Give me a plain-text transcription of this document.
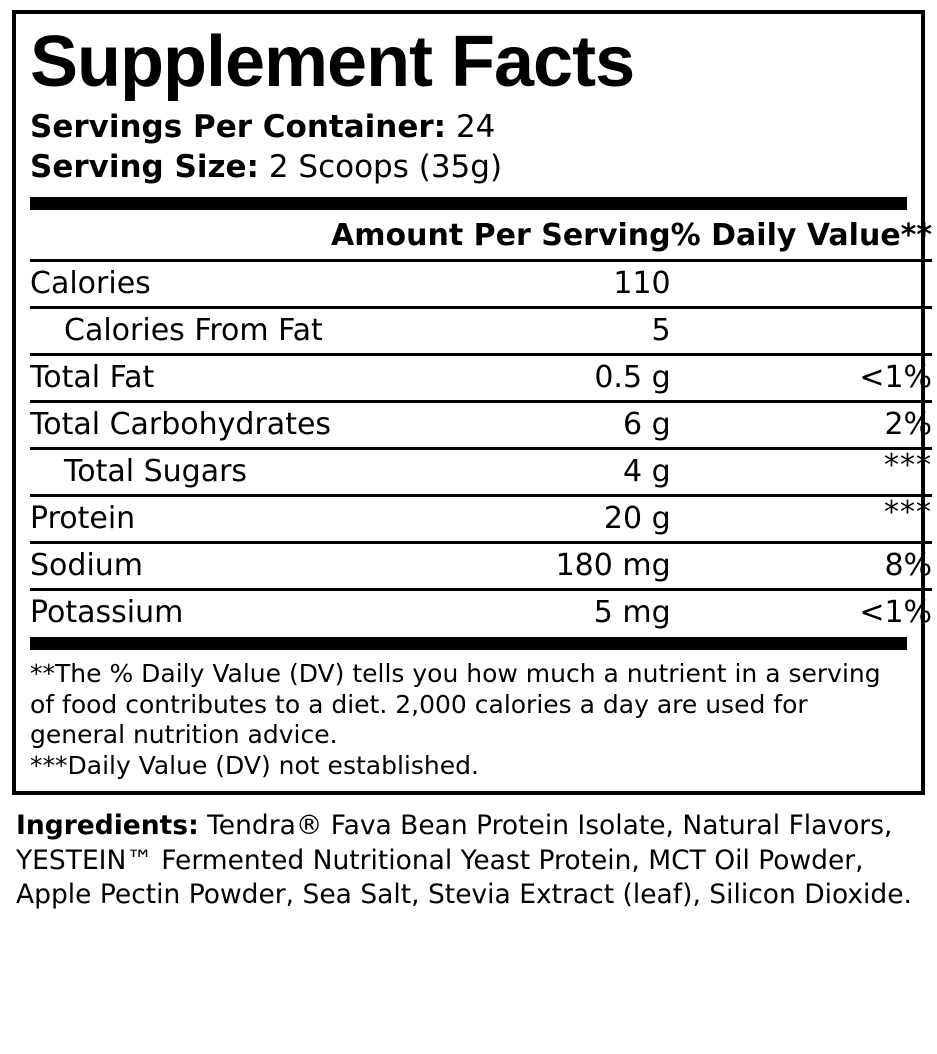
Supplement Facts
Servings Per Container: 24
Serving Size: 2 Scoops (35g)
	Amount Per Serving	% Daily Value**
Calories	110	
Calories From Fat	5	
Total Fat	0.5 g	<1%
Total Carbohydrates	6 g	2%
Total Sugars	4 g	***
Protein	20 g	***
Sodium	180 mg	8%
Potassium	5 mg	<1%

**The % Daily Value (DV) tells you how much a nutrient in a serving of food contributes to a diet. 2,000 calories a day are used for general nutrition advice.

***Daily Value (DV) not established.

Ingredients: Tendra® Fava Bean Protein Isolate, Natural Flavors, YESTEIN™ Fermented Nutritional Yeast Protein, MCT Oil Powder, Apple Pectin Powder, Sea Salt, Stevia Extract (leaf), Silicon Dioxide.
